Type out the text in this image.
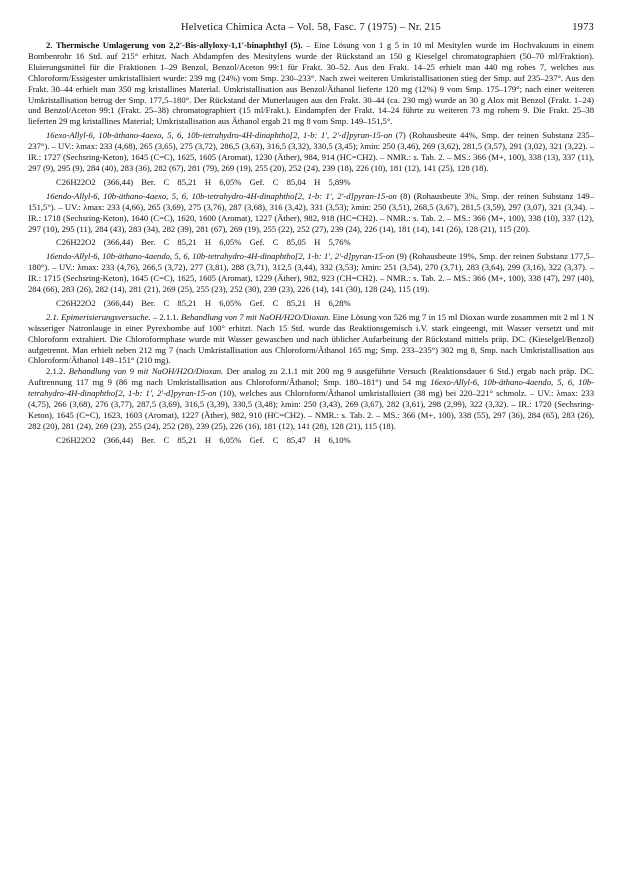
Helvetica Chimica Acta – Vol. 58, Fasc. 7 (1975) – Nr. 215	1973

2. Thermische Umlagerung von 2,2'-Bis-allyloxy-1,1'-binaphthyl (5). – Eine Lösung von 1 g 5 in 10 ml Mesitylen wurde im Hochvakuum in einem Bombenrohr 16 Std. auf 215° erhitzt. Nach Abdampfen des Mesitylens wurde der Rückstand an 150 g Kieselgel chromatographiert (50–70 ml/Fraktion). Eluierungsmittel für die Fraktionen 1–29 Benzol, Benzol/Aceton 99:1 für Frakt. 30–52. Aus den Frakt. 14–25 erhielt man 440 mg rohes 7, welches aus Chloroform/Essigester umkristallisiert wurde: 239 mg (24%) vom Smp. 230–233°. Nach zwei weiteren Umkristallisationen stieg der Smp. auf 235–237°. Aus den Frakt. 30–44 erhielt man 350 mg kristallines Material. Umkristallisation aus Benzol/Äthanol lieferte 120 mg (12%) 9 vom Smp. 175–179°; nach einer weiteren Umkristallisation betrug der Smp. 177,5–180°. Der Rückstand der Mutterlaugen aus den Frakt. 30–44 (ca. 230 mg) wurde an 30 g Alox mit Benzol (Frakt. 1–24) und Benzol/Aceton 99:1 (Frakt. 25–38) chromatographiert (15 ml/Frakt.). Eindampfen der Frakt. 14–24 führte zu weiteren 73 mg rohem 9. Die Frakt. 25–38 lieferten 29 mg kristallines Material; Umkristallisation aus Äthanol ergab 21 mg 8 vom Smp. 149–151,5°.

16exo-Allyl-6, 10b-äthano-4aexo, 5, 6, 10b-tetrahydro-4H-dinaphtho[2, 1-b: 1', 2'-d]pyran-15-on (7) (Rohausbeute 44%, Smp. der reinen Substanz 235–237°). – UV.: λmax: 233 (4,68), 265 (3,65), 275 (3,72), 286,5 (3,63), 316,5 (3,32), 330,5 (3,45); λmin: 250 (3,46), 269 (3,62), 281,5 (3,57), 291 (3,02), 321 (3,22). – IR.: 1727 (Sechsring-Keton), 1645 (C=C), 1625, 1605 (Aromat), 1230 (Äther), 984, 914 (HC=CH2). – NMR.: s. Tab. 2. – MS.: 366 (M+, 100), 338 (13), 337 (11), 297 (9), 295 (9), 284 (40), 283 (36), 282 (67), 281 (79), 269 (19), 255 (20), 252 (24), 239 (18), 226 (10), 181 (12), 141 (25), 128 (18).

C26H22O2 (366,44) Ber. C 85,21 H 6,05% Gef. C 85,04 H 5,89%

16endo-Allyl-6, 10b-äthano-4aexo, 5, 6, 10b-tetrahydro-4H-dinaphtho[2, 1-b: 1', 2'-d]pyran-15-on (8) (Rohausbeute 3%, Smp. der reinen Substanz 149–151,5°). – UV.: λmax: 233 (4,66), 265 (3,69), 275 (3,76), 287 (3,68), 316 (3,42), 331 (3,53); λmin: 250 (3,51), 268,5 (3,67), 281,5 (3,59), 297 (3,07), 321 (3,34). – IR.: 1718 (Sechsring-Keton), 1640 (C=C), 1620, 1600 (Aromat), 1227 (Äther), 982, 918 (HC=CH2). – NMR.: s. Tab. 2. – MS.: 366 (M+, 100), 338 (10), 337 (12), 297 (10), 295 (11), 284 (43), 283 (34), 282 (39), 281 (67), 269 (19), 255 (22), 252 (27), 239 (24), 226 (14), 181 (14), 141 (26), 128 (21), 115 (20).

C26H22O2 (366,44) Ber. C 85,21 H 6,05% Gef. C 85,05 H 5,76%

16endo-Allyl-6, 10b-äthano-4aendo, 5, 6, 10b-tetrahydro-4H-dinaphtho[2, 1-b: 1', 2'-d]pyran-15-on (9) (Rohausbeute 19%, Smp. der reinen Substanz 177,5–180°). – UV.: λmax: 233 (4,76), 266,5 (3,72), 277 (3,81), 288 (3,71), 312,5 (3,44), 332 (3,53); λmin: 251 (3,54), 270 (3,71), 283 (3,64), 299 (3,16), 322 (3,37). – IR.: 1715 (Sechsring-Keton), 1645 (C=C), 1625, 1605 (Aromat), 1229 (Äther), 982, 923 (CH=CH2). – NMR.: s. Tab. 2. – MS.: 366 (M+, 100), 338 (47), 297 (40), 284 (66), 283 (26), 282 (14), 281 (21), 269 (25), 255 (23), 252 (30), 239 (23), 226 (14), 141 (30), 128 (24), 115 (19).

C26H22O2 (366,44) Ber. C 85,21 H 6,05% Gef. C 85,21 H 6,28%

2.1. Epimerisierungsversuche. – 2.1.1. Behandlung von 7 mit NaOH/H2O/Dioxan. Eine Lösung von 526 mg 7 in 15 ml Dioxan wurde zusammen mit 2 ml 1 N wässeriger Natronlauge in einer Pyrexbombe auf 100° erhitzt. Nach 15 Std. wurde das Reaktionsgemisch i.V. stark eingeengt, mit Wasser versetzt und mit Chloroform extrahiert. Die Chloroformphase wurde mit Wasser gewaschen und nach üblicher Aufarbeitung der Rückstand mittels präp. DC. (Kieselgel/Benzol) aufgetrennt. Man erhielt neben 212 mg 7 (nach Umkristallisation aus Chloroform/Äthanol 165 mg; Smp. 233–235°) 302 mg 8, Smp. nach Umkristallisation aus Chloroform/Äthanol 149–151° (210 mg).

2.1.2. Behandlung von 9 mit NaOH/H2O/Dioxan. Der analog zu 2.1.1 mit 200 mg 9 ausgeführte Versuch (Reaktionsdauer 6 Std.) ergab nach präp. DC. Auftrennung 117 mg 9 (86 mg nach Umkristallisation aus Chloroform/Äthanol; Smp. 180–181°) und 54 mg 16exo-Allyl-6, 10b-äthano-4aendo, 5, 6, 10b-tetrahydro-4H-dinaphtho[2, 1-b: 1', 2'-d]pyran-15-on (10), welches aus Chloroform/Äthanol umkristallisiert (38 mg) bei 220–221° schmolz. – UV.: λmax: 233 (4,75), 266 (3,68), 276 (3,77), 287,5 (3,69), 316,5 (3,39), 330,5 (3,48); λmin: 250 (3,43), 269 (3,67), 282 (3,61), 298 (2,99), 322 (3,32). – IR.: 1720 (Sechsring-Keton), 1645 (C=C), 1623, 1603 (Aromat), 1227 (Äther), 982, 910 (HC=CH2). – NMR.: s. Tab. 2. – MS.: 366 (M+, 100), 338 (55), 297 (36), 284 (65), 283 (26), 282 (20), 281 (24), 269 (23), 255 (24), 252 (28), 239 (25), 226 (16), 181 (12), 141 (28), 128 (21), 115 (18).

C26H22O2 (366,44) Ber. C 85,21 H 6,05% Gef. C 85,47 H 6,10%
